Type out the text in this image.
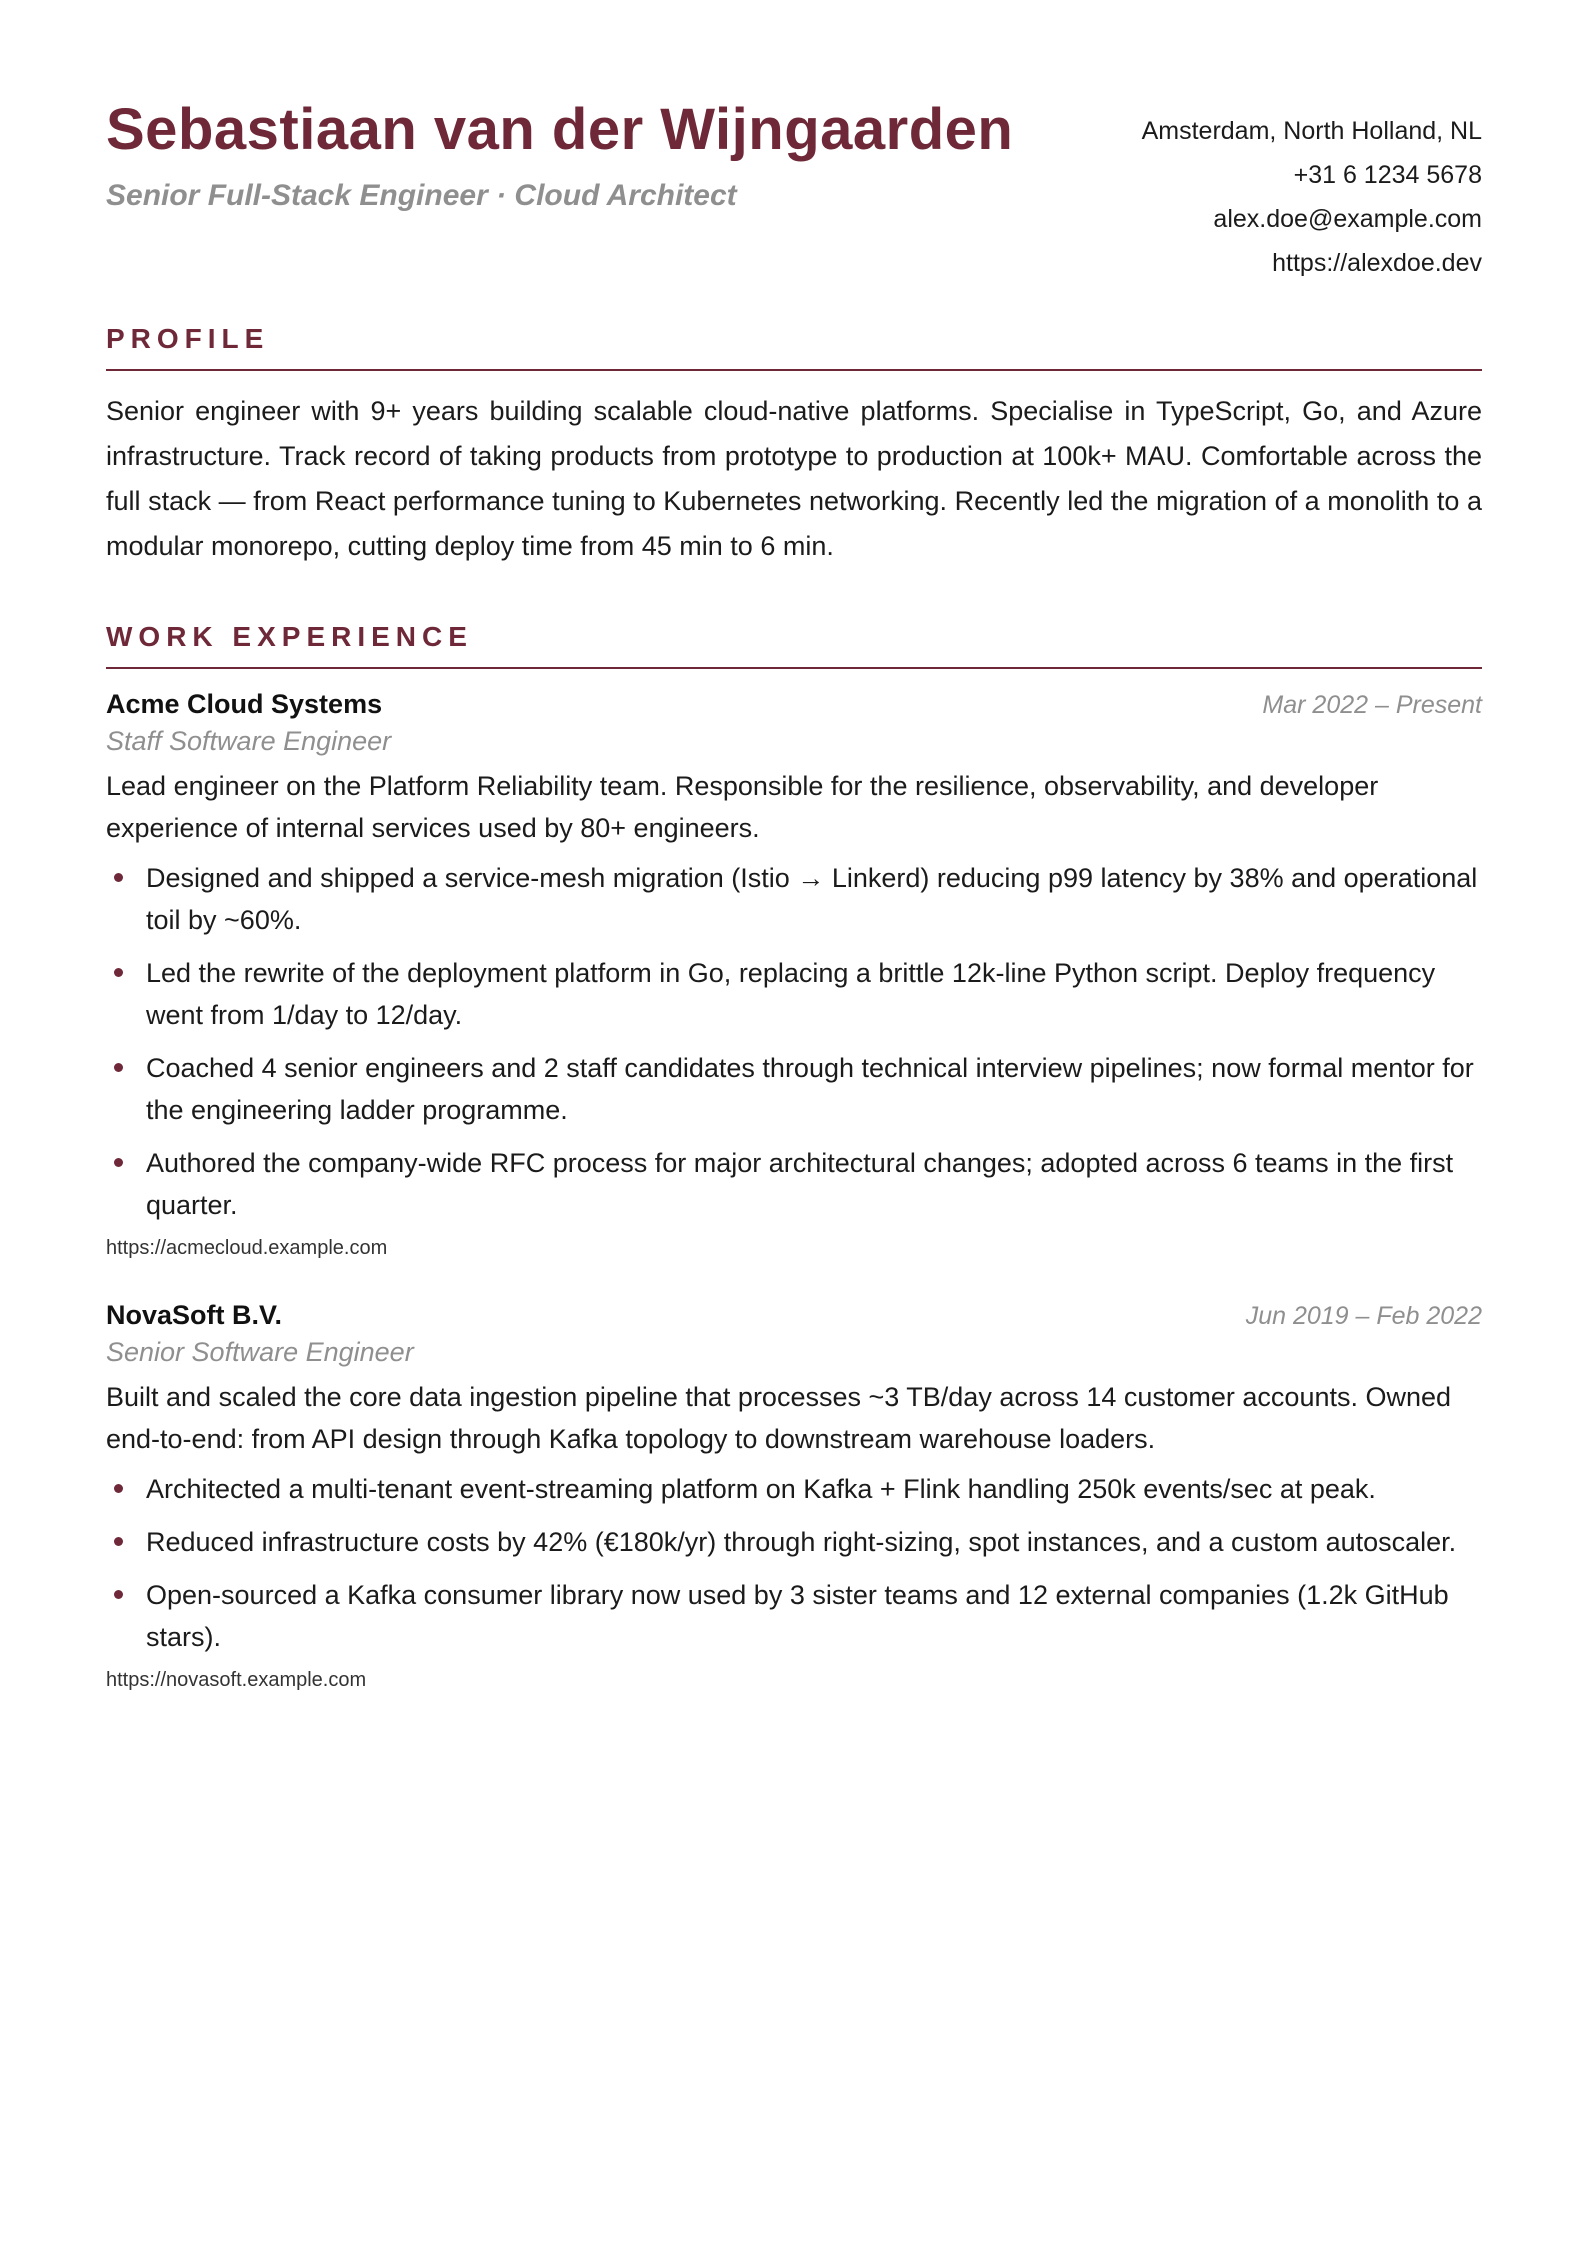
Sebastiaan van der Wijngaarden
Senior Full-Stack Engineer · Cloud Architect
Amsterdam, North Holland, NL
+31 6 1234 5678
alex.doe@example.com
https://alexdoe.dev
PROFILE

Senior engineer with 9+ years building scalable cloud-native platforms. Specialise in TypeScript, Go, and Azure infrastructure. Track record of taking products from prototype to production at 100k+ MAU. Comfortable across the full stack — from React performance tuning to Kubernetes networking. Recently led the migration of a monolith to a modular monorepo, cutting deploy time from 45 min to 6 min.

WORK EXPERIENCE
Acme Cloud Systems	Mar 2022 – Present
Staff Software Engineer
Lead engineer on the Platform Reliability team. Responsible for the resilience, observability, and developer experience of internal services used by 80+ engineers.
Designed and shipped a service-mesh migration (Istio → Linkerd) reducing p99 latency by 38% and operational toil by ~60%.
Led the rewrite of the deployment platform in Go, replacing a brittle 12k-line Python script. Deploy frequency went from 1/day to 12/day.
Coached 4 senior engineers and 2 staff candidates through technical interview pipelines; now formal mentor for the engineering ladder programme.
Authored the company-wide RFC process for major architectural changes; adopted across 6 teams in the first quarter.
https://acmecloud.example.com
NovaSoft B.V.	Jun 2019 – Feb 2022
Senior Software Engineer
Built and scaled the core data ingestion pipeline that processes ~3 TB/day across 14 customer accounts. Owned end-to-end: from API design through Kafka topology to downstream warehouse loaders.
Architected a multi-tenant event-streaming platform on Kafka + Flink handling 250k events/sec at peak.
Reduced infrastructure costs by 42% (€180k/yr) through right-sizing, spot instances, and a custom autoscaler.
Open-sourced a Kafka consumer library now used by 3 sister teams and 12 external companies (1.2k GitHub stars).
https://novasoft.example.com
